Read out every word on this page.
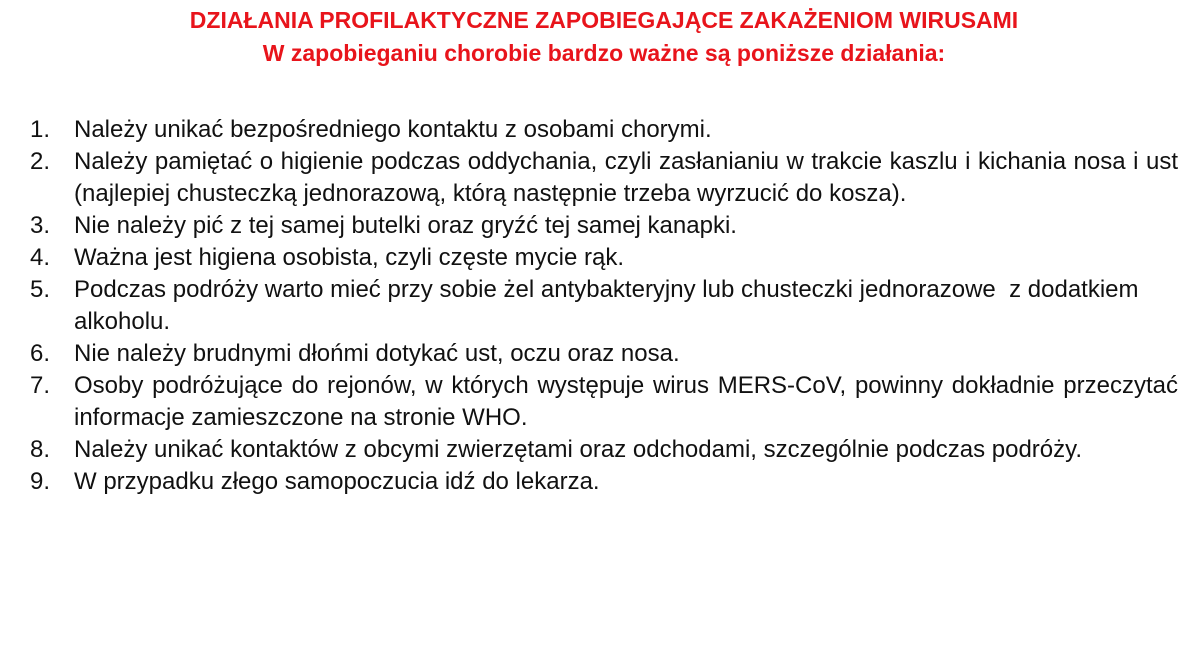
DZIAŁANIA PROFILAKTYCZNE ZAPOBIEGAJĄCE ZAKAŻENIOM WIRUSAMI
W zapobieganiu chorobie bardzo ważne są poniższe działania:
1. Należy unikać bezpośredniego kontaktu z osobami chorymi.
2. Należy pamiętać o higienie podczas oddychania, czyli zasłanianiu w trakcie kaszlu i kichania nosa i ust (najlepiej chusteczką jednorazową, którą następnie trzeba wyrzucić do kosza).
3. Nie należy pić z tej samej butelki oraz gryźć tej samej kanapki.
4. Ważna jest higiena osobista, czyli częste mycie rąk.
5. Podczas podróży warto mieć przy sobie żel antybakteryjny lub chusteczki jednorazowe  z dodatkiem alkoholu.
6. Nie należy brudnymi dłońmi dotykać ust, oczu oraz nosa.
7. Osoby podróżujące do rejonów, w których występuje wirus MERS-CoV, powinny dokładnie przeczytać informacje zamieszczone na stronie WHO.
8. Należy unikać kontaktów z obcymi zwierzętami oraz odchodami, szczególnie podczas podróży.
9. W przypadku złego samopoczucia idź do lekarza.
